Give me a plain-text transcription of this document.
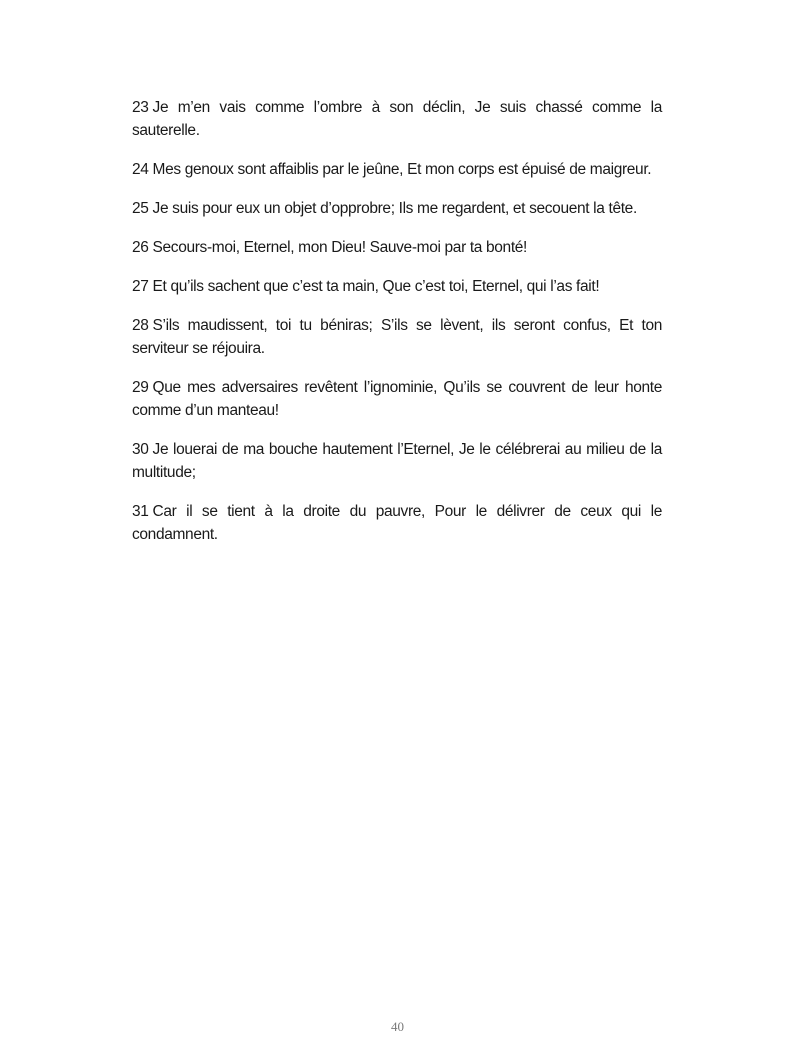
23 Je m’en vais comme l’ombre à son déclin, Je suis chassé comme la sauterelle.

24 Mes genoux sont affaiblis par le jeûne, Et mon corps est épuisé de maigreur.

25 Je suis pour eux un objet d’opprobre; Ils me regardent, et secouent la tête.

26 Secours-moi, Eternel, mon Dieu! Sauve-moi par ta bonté!

27 Et qu’ils sachent que c’est ta main, Que c’est toi, Eternel, qui l’as fait!

28 S’ils maudissent, toi tu béniras; S’ils se lèvent, ils seront confus, Et ton serviteur se réjouira.

29 Que mes adversaires revêtent l’ignominie, Qu’ils se couvrent de leur honte comme d’un manteau!

30 Je louerai de ma bouche hautement l’Eternel, Je le célébrerai au milieu de la multitude;

31 Car il se tient à la droite du pauvre, Pour le délivrer de ceux qui le condamnent.

40
